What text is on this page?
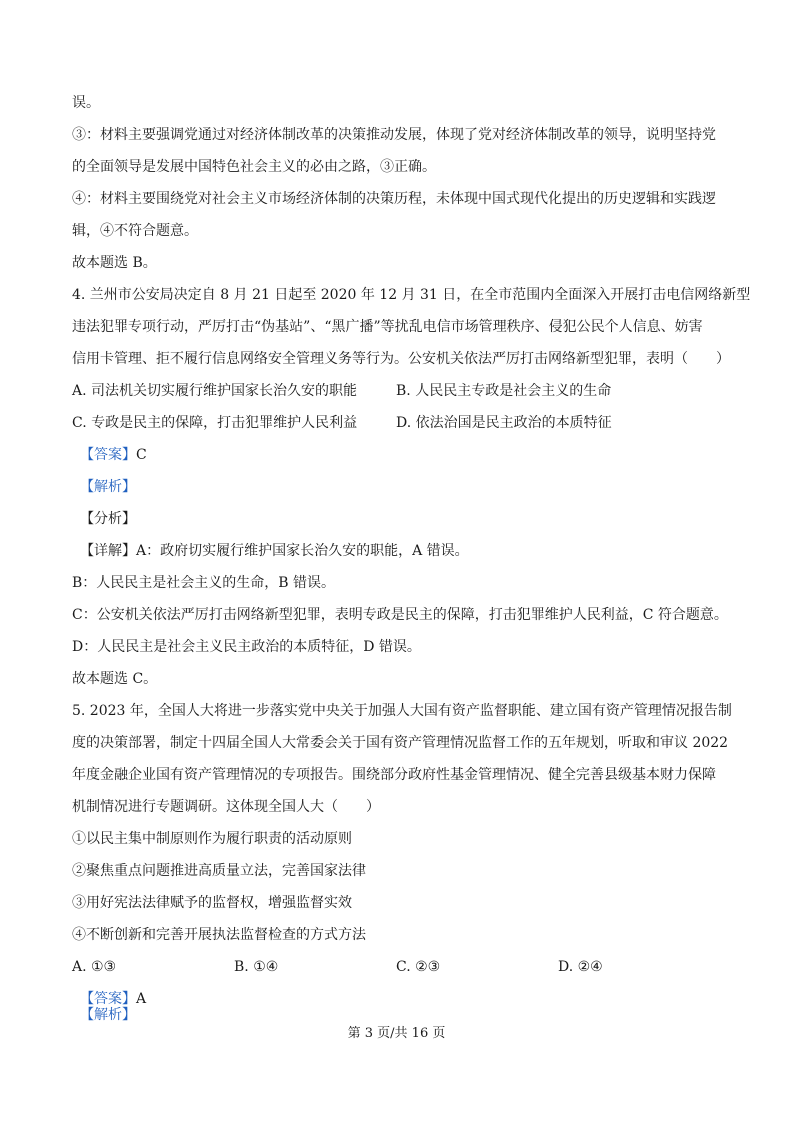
误。
③：材料主要强调党通过对经济体制改革的决策推动发展，体现了党对经济体制改革的领导，说明坚持党
的全面领导是发展中国特色社会主义的必由之路，③正确。
④：材料主要围绕党对社会主义市场经济体制的决策历程，未体现中国式现代化提出的历史逻辑和实践逻
辑，④不符合题意。
故本题选 B。
4. 兰州市公安局决定自 8 月 21 日起至 2020 年 12 月 31 日，在全市范围内全面深入开展打击电信网络新型
违法犯罪专项行动，严厉打击“伪基站”、“黑广播”等扰乱电信市场管理秩序、侵犯公民个人信息、妨害
信用卡管理、拒不履行信息网络安全管理义务等行为。公安机关依法严厉打击网络新型犯罪，表明（　　）
A. 司法机关切实履行维护国家长治久安的职能	B. 人民民主专政是社会主义的生命
C. 专政是民主的保障，打击犯罪维护人民利益	D. 依法治国是民主政治的本质特征
【答案】C
【解析】
【分析】
【详解】A：政府切实履行维护国家长治久安的职能，A 错误。
B：人民民主是社会主义的生命，B 错误。
C：公安机关依法严厉打击网络新型犯罪，表明专政是民主的保障，打击犯罪维护人民利益，C 符合题意。
D：人民民主是社会主义民主政治的本质特征，D 错误。
故本题选 C。
5. 2023 年，全国人大将进一步落实党中央关于加强人大国有资产监督职能、建立国有资产管理情况报告制
度的决策部署，制定十四届全国人大常委会关于国有资产管理情况监督工作的五年规划，听取和审议 2022
年度金融企业国有资产管理情况的专项报告。围绕部分政府性基金管理情况、健全完善县级基本财力保障
机制情况进行专题调研。这体现全国人大（　　）
①以民主集中制原则作为履行职责的活动原则
②聚焦重点问题推进高质量立法，完善国家法律
③用好宪法法律赋予的监督权，增强监督实效
④不断创新和完善开展执法监督检查的方式方法
A. ①③	B. ①④	C. ②③	D. ②④
【答案】A
【解析】
第 3 页/共 16 页
